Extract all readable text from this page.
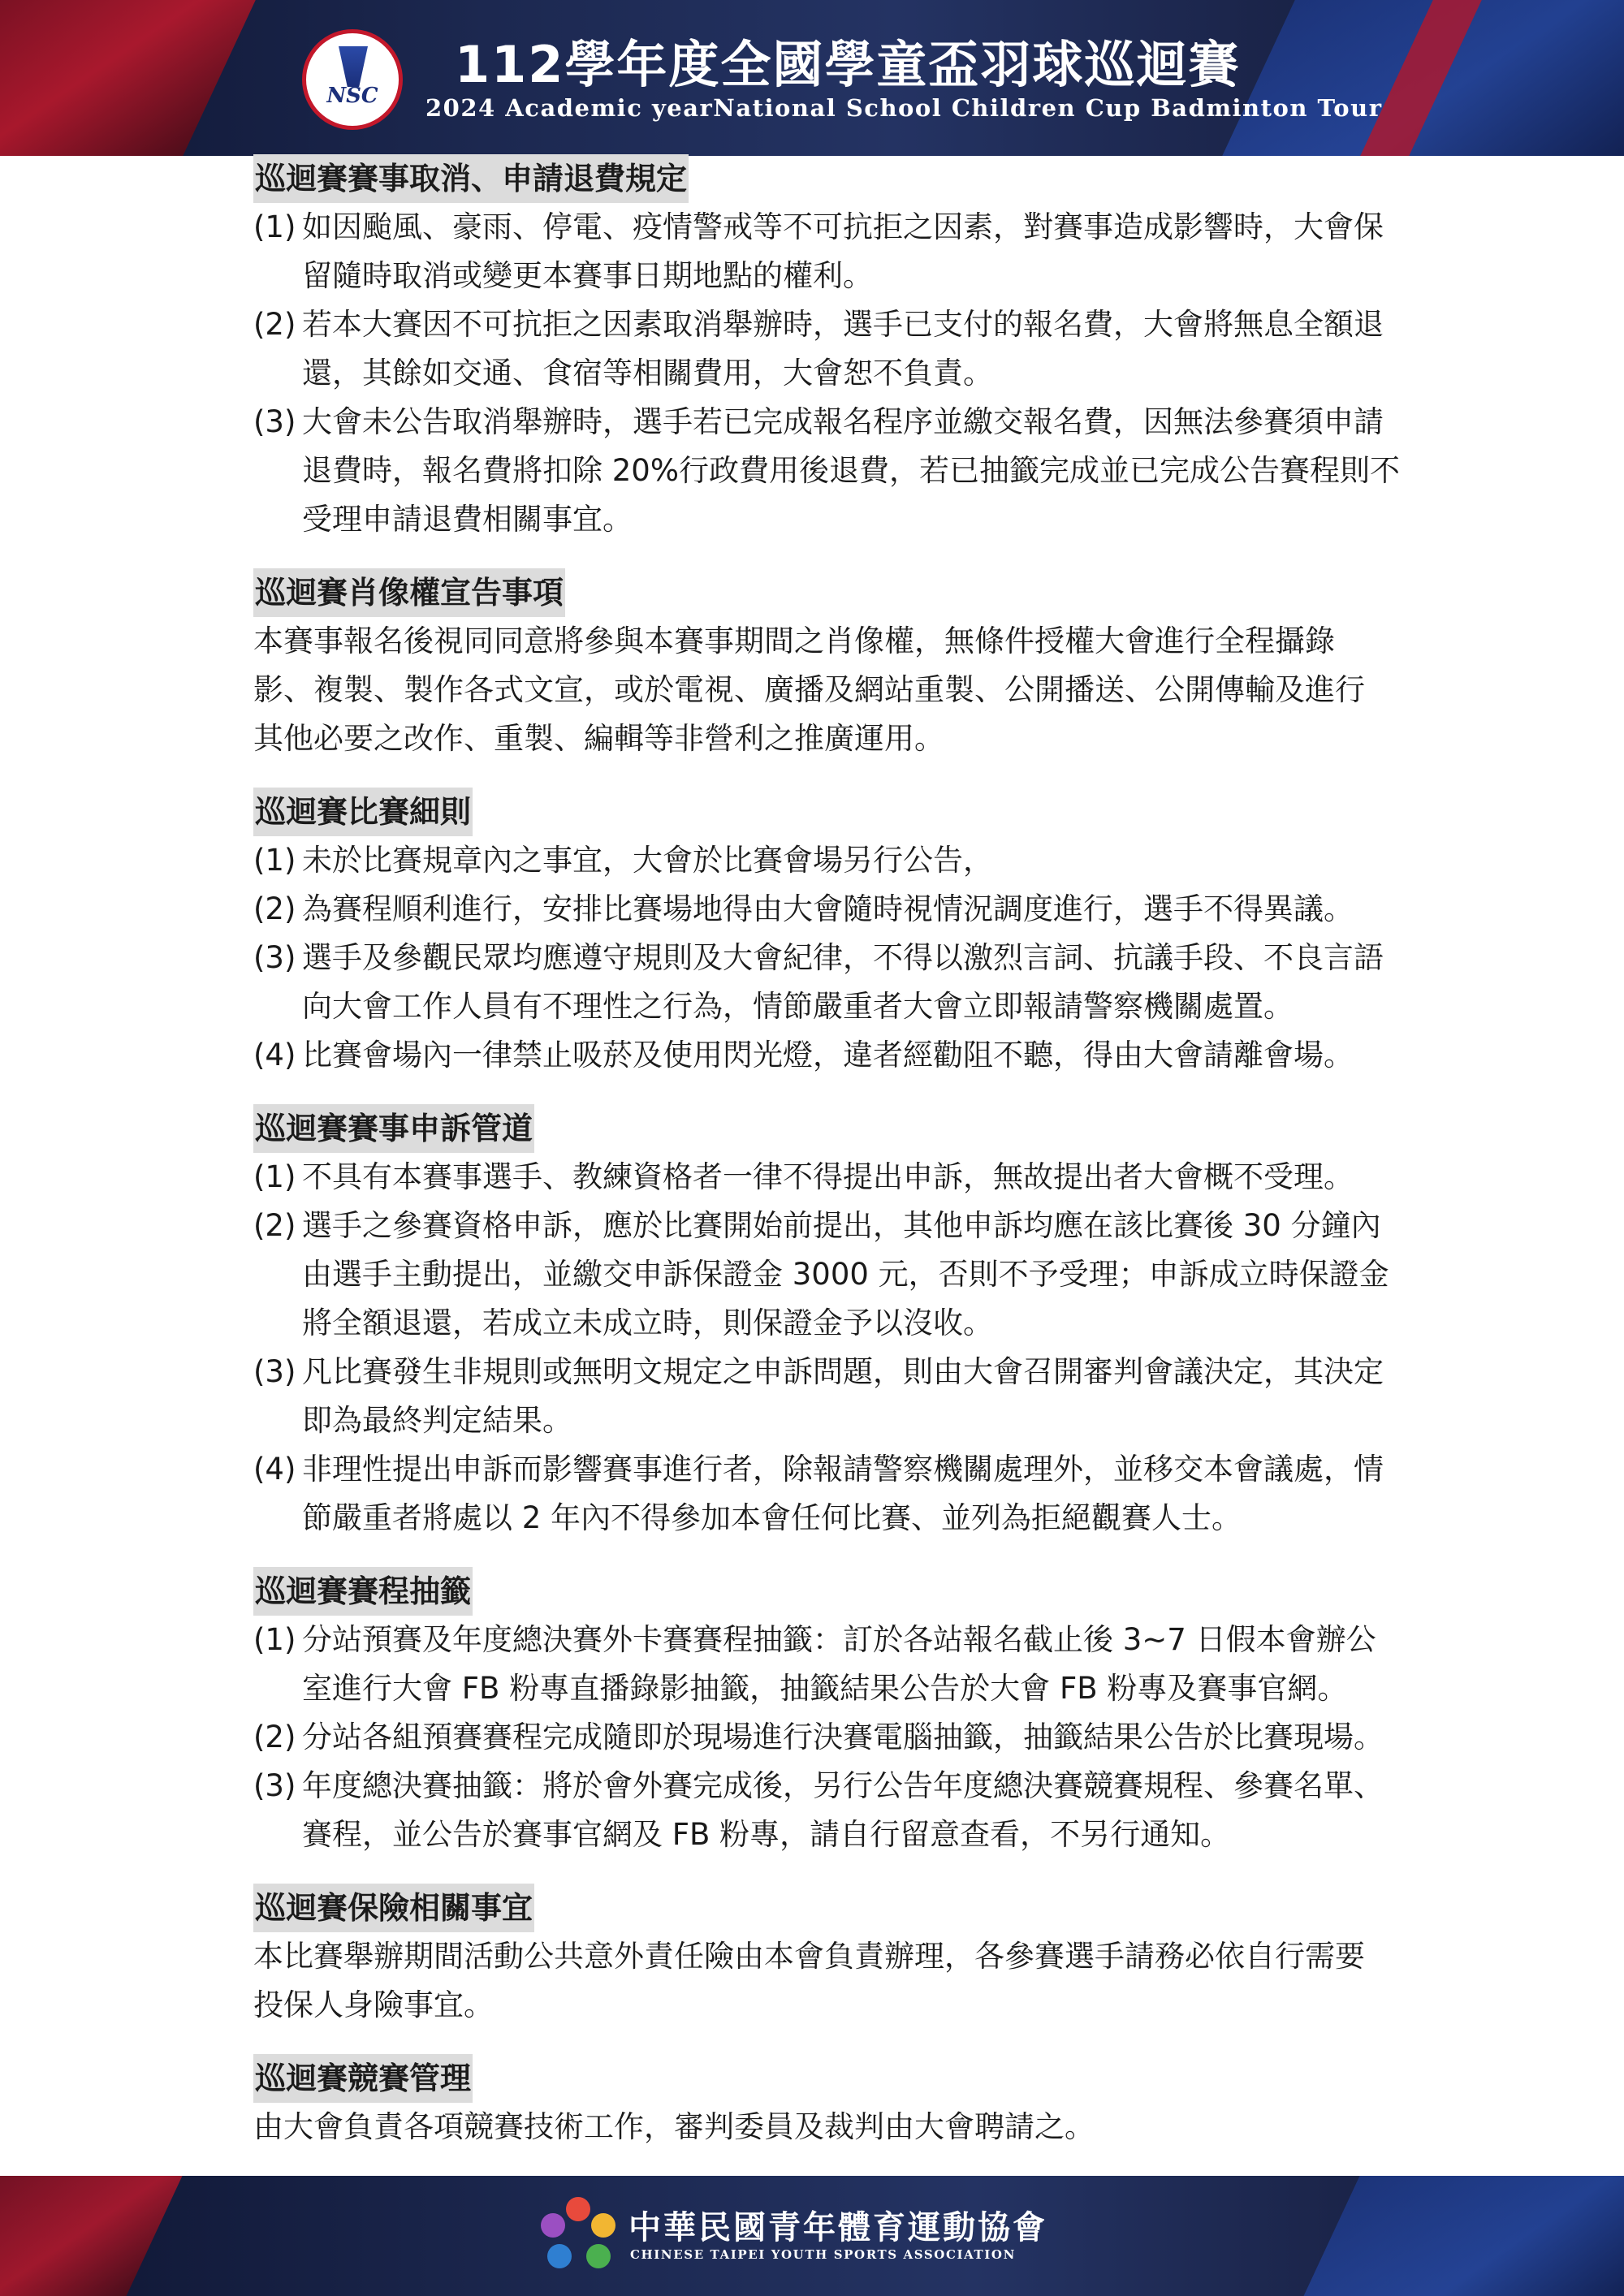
NSC
112學年度全國學童盃羽球巡迴賽
2024 Academic yearNational School Children Cup Badminton Tour
巡迴賽賽事取消、申請退費規定
(1) 如因颱風、豪雨、停電、疫情警戒等不可抗拒之因素，對賽事造成影響時，大會保
留隨時取消或變更本賽事日期地點的權利。
(2) 若本大賽因不可抗拒之因素取消舉辦時，選手已支付的報名費，大會將無息全額退
還，其餘如交通、食宿等相關費用，大會恕不負責。
(3) 大會未公告取消舉辦時，選手若已完成報名程序並繳交報名費，因無法參賽須申請
退費時，報名費將扣除 20%行政費用後退費，若已抽籤完成並已完成公告賽程則不
受理申請退費相關事宜。
巡迴賽肖像權宣告事項
本賽事報名後視同同意將參與本賽事期間之肖像權，無條件授權大會進行全程攝錄
影、複製、製作各式文宣，或於電視、廣播及網站重製、公開播送、公開傳輸及進行
其他必要之改作、重製、編輯等非營利之推廣運用。
巡迴賽比賽細則
(1) 未於比賽規章內之事宜，大會於比賽會場另行公告，
(2) 為賽程順利進行，安排比賽場地得由大會隨時視情況調度進行，選手不得異議。
(3) 選手及參觀民眾均應遵守規則及大會紀律，不得以激烈言詞、抗議手段、不良言語
向大會工作人員有不理性之行為，情節嚴重者大會立即報請警察機關處置。
(4) 比賽會場內一律禁止吸菸及使用閃光燈，違者經勸阻不聽，得由大會請離會場。
巡迴賽賽事申訴管道
(1) 不具有本賽事選手、教練資格者一律不得提出申訴，無故提出者大會概不受理。
(2) 選手之參賽資格申訴，應於比賽開始前提出，其他申訴均應在該比賽後 30 分鐘內
由選手主動提出，並繳交申訴保證金 3000 元，否則不予受理；申訴成立時保證金
將全額退還，若成立未成立時，則保證金予以沒收。
(3) 凡比賽發生非規則或無明文規定之申訴問題，則由大會召開審判會議決定，其決定
即為最終判定結果。
(4) 非理性提出申訴而影響賽事進行者，除報請警察機關處理外，並移交本會議處，情
節嚴重者將處以 2 年內不得參加本會任何比賽、並列為拒絕觀賽人士。
巡迴賽賽程抽籤
(1) 分站預賽及年度總決賽外卡賽賽程抽籤：訂於各站報名截止後 3~7 日假本會辦公
室進行大會 FB 粉專直播錄影抽籤，抽籤結果公告於大會 FB 粉專及賽事官網。
(2) 分站各組預賽賽程完成隨即於現場進行決賽電腦抽籤，抽籤結果公告於比賽現場。
(3) 年度總決賽抽籤：將於會外賽完成後，另行公告年度總決賽競賽規程、參賽名單、
賽程，並公告於賽事官網及 FB 粉專，請自行留意查看，不另行通知。
巡迴賽保險相關事宜
本比賽舉辦期間活動公共意外責任險由本會負責辦理，各參賽選手請務必依自行需要
投保人身險事宜。
巡迴賽競賽管理
由大會負責各項競賽技術工作，審判委員及裁判由大會聘請之。
中華民國青年體育運動協會
CHINESE TAIPEI YOUTH SPORTS ASSOCIATION
